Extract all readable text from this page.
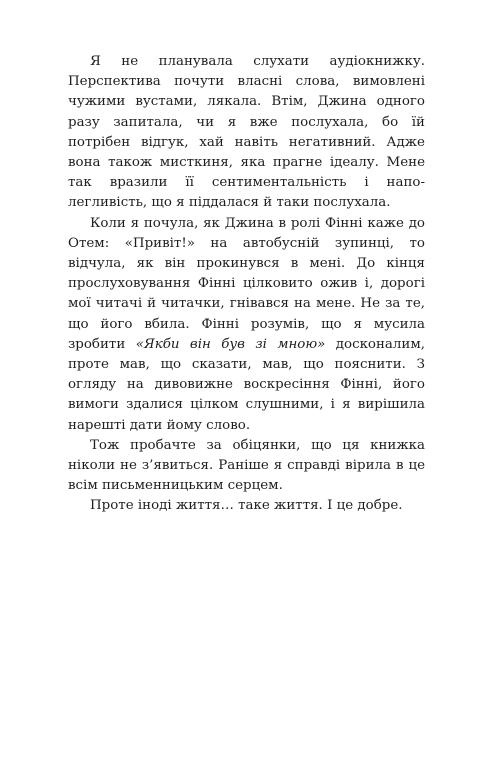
Я не планувала слухати аудіокнижку. Перспектива почути власні слова, вимовлені чужими вустами, лякала. Втім, Джина одного разу запитала, чи я вже послухала, бо їй потрібен відгук, хай навіть негативний. Адже вона також мисткиня, яка прагне ідеалу. Мене так вразили її сентиментальність і наполегливість, що я піддалася й таки послухала.

Коли я почула, як Джина в ролі Фінні каже до Отем: «Привіт!» на автобусній зупинці, то відчула, як він прокинувся в мені. До кінця прослуховування Фінні цілковито ожив і, дорогі мої читачі й читачки, гнівався на мене. Не за те, що його вбила. Фінні розумів, що я мусила зробити «Якби він був зі мною» досконалим, проте мав, що сказати, мав, що пояснити. З огляду на дивовижне воскресіння Фінні, його вимоги здалися цілком слушними, і я вирішила нарешті дати йому слово.

Тож пробачте за обіцянки, що ця книжка ніколи не з’явиться. Раніше я справді вірила в це всім письменницьким серцем.

Проте іноді життя… таке життя. І це добре.
